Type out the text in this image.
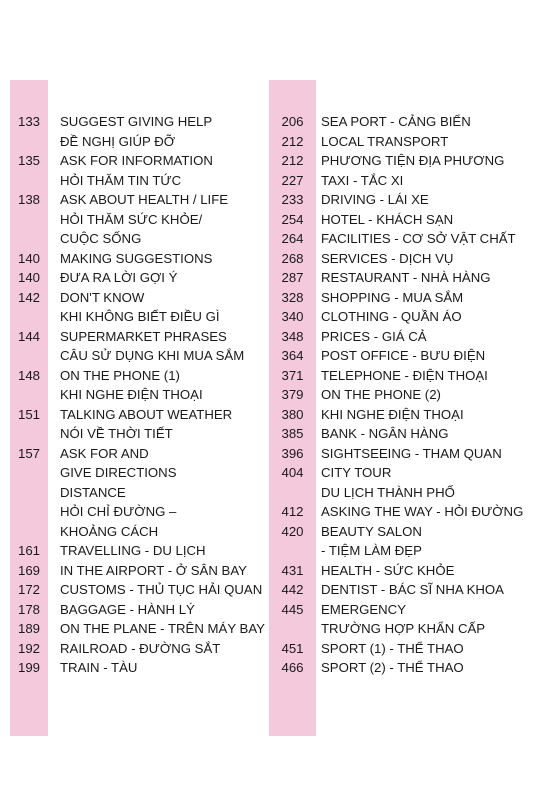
133	SUGGEST GIVING HELP
ĐỀ NGHỊ GIÚP ĐỠ
135	ASK FOR INFORMATION
HỎI THĂM TIN TỨC
138	ASK ABOUT HEALTH / LIFE
HỎI THĂM SỨC KHỎE/
CUỘC SỐNG
140	MAKING SUGGESTIONS
140	ĐƯA RA LỜI GỢI Ý
142	DON'T KNOW
KHI KHÔNG BIẾT ĐIỀU GÌ
144	SUPERMARKET PHRASES
CÂU SỬ DỤNG KHI MUA SẮM
148	ON THE PHONE (1)
KHI NGHE ĐIỆN THOẠI
151	TALKING ABOUT WEATHER
NÓI VỀ THỜI TIẾT
157	ASK FOR AND
GIVE DIRECTIONS
DISTANCE
HỎI CHỈ ĐƯỜNG –
KHOẢNG CÁCH
161	TRAVELLING - DU LỊCH
169	IN THE AIRPORT - Ở SÂN BAY
172	CUSTOMS - THỦ TỤC HẢI QUAN
178	BAGGAGE - HÀNH LÝ
189	ON THE PLANE - TRÊN MÁY BAY
192	RAILROAD - ĐƯỜNG SẮT
199	TRAIN - TÀU
206	SEA PORT - CẢNG BIỂN
212	LOCAL TRANSPORT
212	PHƯƠNG TIỆN ĐỊA PHƯƠNG
227	TAXI - TẮC XI
233	DRIVING - LÁI XE
254	HOTEL - KHÁCH SẠN
264	FACILITIES - CƠ SỞ VẬT CHẤT
268	SERVICES - DỊCH VỤ
287	RESTAURANT - NHÀ HÀNG
328	SHOPPING - MUA SẮM
340	CLOTHING - QUẦN ÁO
348	PRICES - GIÁ CẢ
364	POST OFFICE - BƯU ĐIỆN
371	TELEPHONE - ĐIỆN THOẠI
379	ON THE PHONE (2)
380	KHI NGHE ĐIỆN THOẠI
385	BANK - NGÂN HÀNG
396	SIGHTSEEING - THAM QUAN
404	CITY TOUR
DU LỊCH THÀNH PHỐ
412	ASKING THE WAY - HỎI ĐƯỜNG
420	BEAUTY SALON
- TIỆM LÀM ĐẸP
431	HEALTH - SỨC KHỎE
442	DENTIST - BÁC SĨ NHA KHOA
445	EMERGENCY
TRƯỜNG HỢP KHẨN CẤP
451	SPORT (1) - THỂ THAO
466	SPORT (2) - THỂ THAO
